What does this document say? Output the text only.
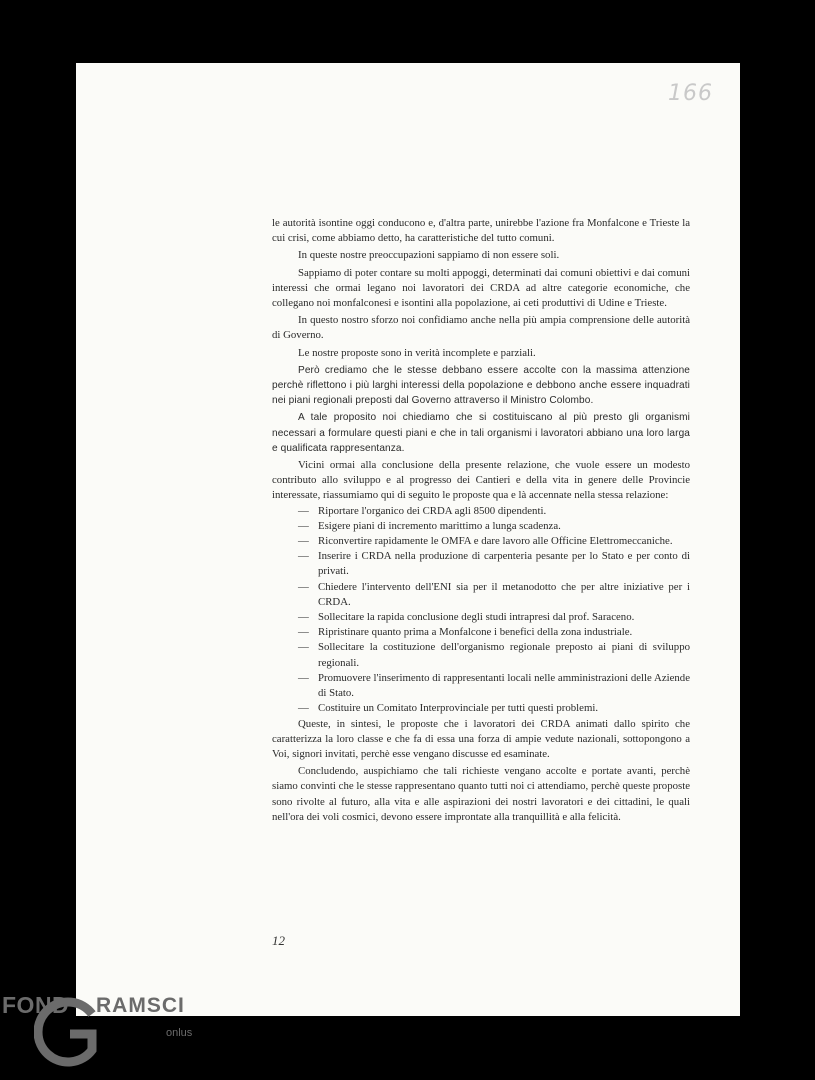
166

le autorità isontine oggi conducono e, d'altra parte, unirebbe l'azione fra Monfalcone e Trieste la cui crisi, come abbiamo detto, ha caratteristiche del tutto comuni.

In queste nostre preoccupazioni sappiamo di non essere soli.

Sappiamo di poter contare su molti appoggi, determinati dai comuni obiettivi e dai comuni interessi che ormai legano noi lavoratori dei CRDA ad altre categorie economiche, che collegano noi monfalconesi e isontini alla popolazione, ai ceti produttivi di Udine e Trieste.

In questo nostro sforzo noi confidiamo anche nella più ampia comprensione delle autorità di Governo.

Le nostre proposte sono in verità incomplete e parziali.

Però crediamo che le stesse debbano essere accolte con la massima attenzione perchè riflettono i più larghi interessi della popolazione e debbono anche essere inquadrati nei piani regionali preposti dal Governo attraverso il Ministro Colombo.

A tale proposito noi chiediamo che si costituiscano al più presto gli organismi necessari a formulare questi piani e che in tali organismi i lavoratori abbiano una loro larga e qualificata rappresentanza.

Vicini ormai alla conclusione della presente relazione, che vuole essere un modesto contributo allo sviluppo e al progresso dei Cantieri e della vita in genere delle Provincie interessate, riassumiamo qui di seguito le proposte qua e là accennate nella stessa relazione:

— Riportare l'organico dei CRDA agli 8500 dipendenti.
— Esigere piani di incremento marittimo a lunga scadenza.
— Riconvertire rapidamente le OMFA e dare lavoro alle Officine Elettromeccaniche.
— Inserire i CRDA nella produzione di carpenteria pesante per lo Stato e per conto di privati.
— Chiedere l'intervento dell'ENI sia per il metanodotto che per altre iniziative per i CRDA.
— Sollecitare la rapida conclusione degli studi intrapresi dal prof. Saraceno.
— Ripristinare quanto prima a Monfalcone i benefici della zona industriale.
— Sollecitare la costituzione dell'organismo regionale preposto ai piani di sviluppo regionali.
— Promuovere l'inserimento di rappresentanti locali nelle amministrazioni delle Aziende di Stato.
— Costituire un Comitato Interprovinciale per tutti questi problemi.

Queste, in sintesi, le proposte che i lavoratori dei CRDA animati dallo spirito che caratterizza la loro classe e che fa di essa una forza di ampie vedute nazionali, sottopongono a Voi, signori invitati, perchè esse vengano discusse ed esaminate.

Concludendo, auspichiamo che tali richieste vengano accolte e portate avanti, perchè siamo convinti che le stesse rappresentano quanto tutti noi ci attendiamo, perchè queste proposte sono rivolte al futuro, alla vita e alle aspirazioni dei nostri lavoratori e dei cittadini, le quali nell'ora dei voli cosmici, devono essere improntate alla tranquillità e alla felicità.

12
FOND RAMSCI
onlus
